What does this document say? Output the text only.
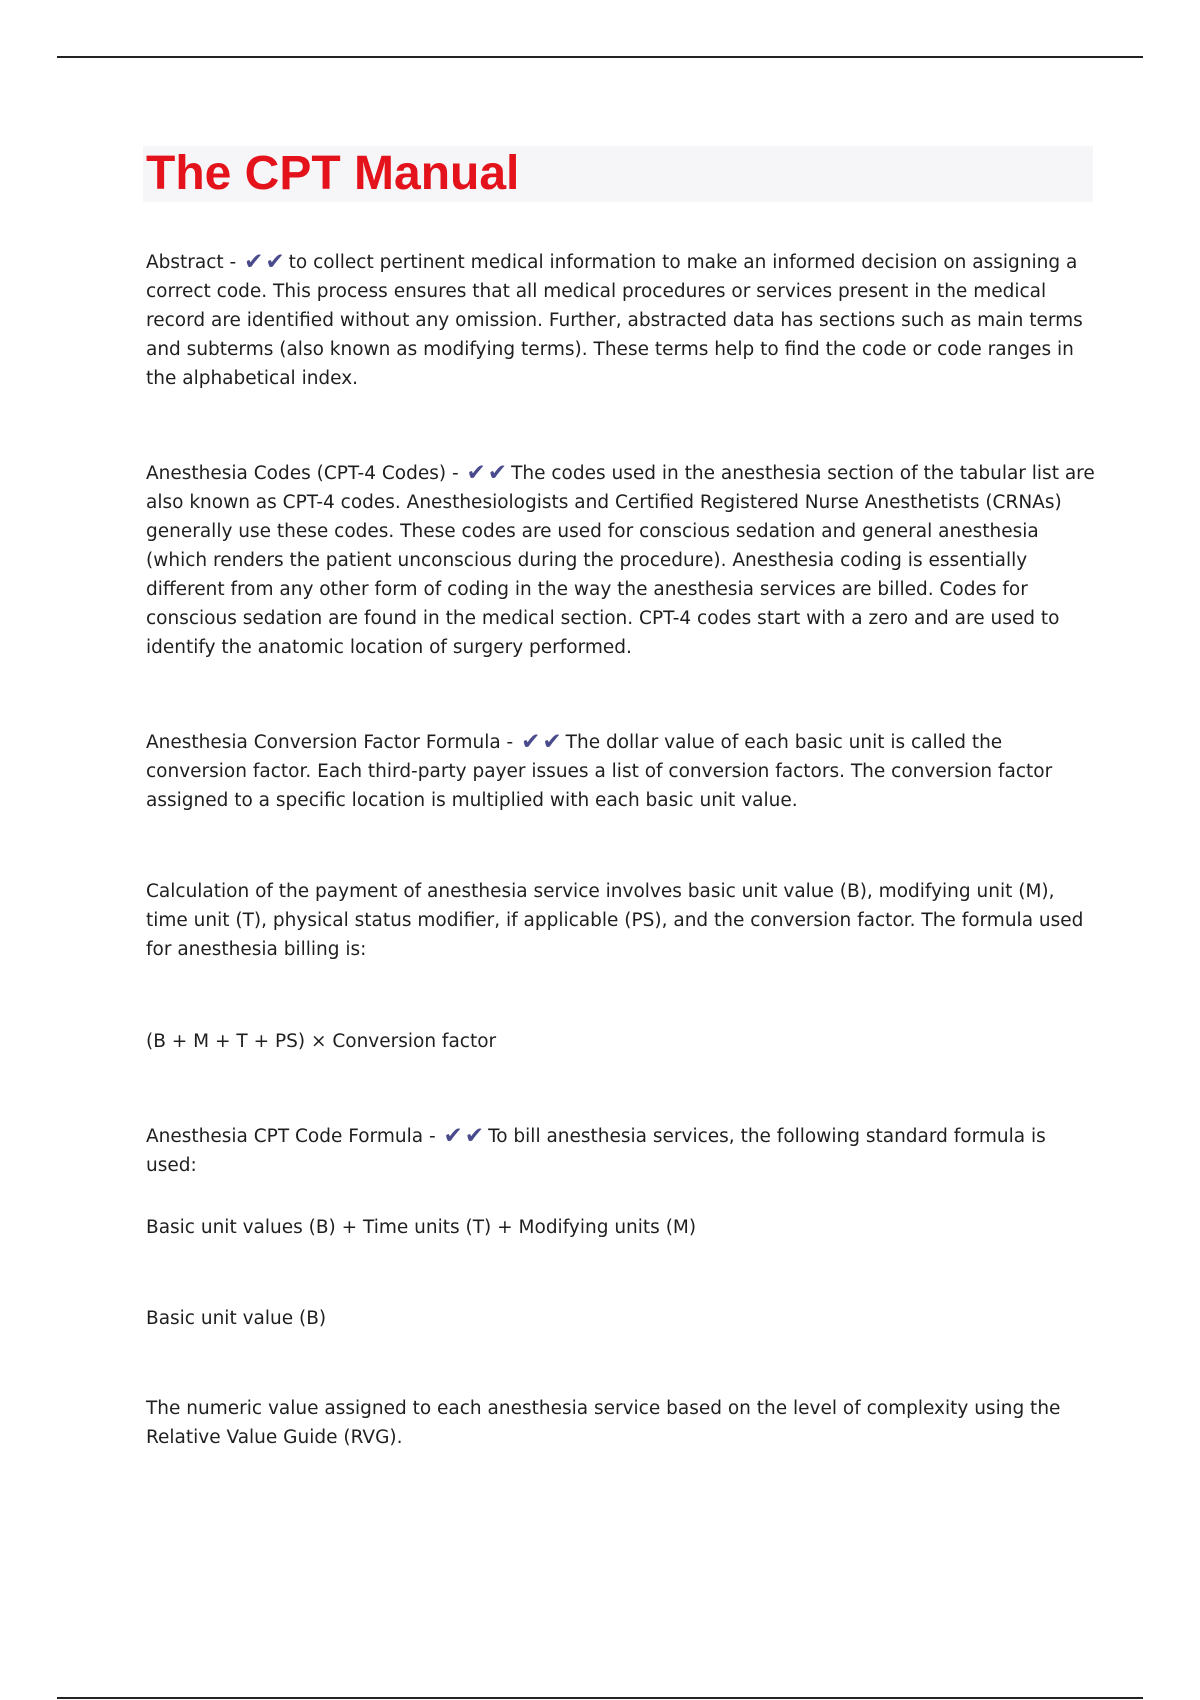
The CPT Manual

Abstract - ✔✔ to collect pertinent medical information to make an informed decision on assigning a correct code. This process ensures that all medical procedures or services present in the medical record are identified without any omission. Further, abstracted data has sections such as main terms and subterms (also known as modifying terms). These terms help to find the code or code ranges in the alphabetical index.

Anesthesia Codes (CPT-4 Codes) - ✔✔ The codes used in the anesthesia section of the tabular list are also known as CPT-4 codes. Anesthesiologists and Certified Registered Nurse Anesthetists (CRNAs) generally use these codes. These codes are used for conscious sedation and general anesthesia (which renders the patient unconscious during the procedure). Anesthesia coding is essentially different from any other form of coding in the way the anesthesia services are billed. Codes for conscious sedation are found in the medical section. CPT-4 codes start with a zero and are used to identify the anatomic location of surgery performed.

Anesthesia Conversion Factor Formula - ✔✔ The dollar value of each basic unit is called the conversion factor. Each third-party payer issues a list of conversion factors. The conversion factor assigned to a specific location is multiplied with each basic unit value.

Calculation of the payment of anesthesia service involves basic unit value (B), modifying unit (M), time unit (T), physical status modifier, if applicable (PS), and the conversion factor. The formula used for anesthesia billing is:

(B + M + T + PS) × Conversion factor

Anesthesia CPT Code Formula - ✔✔ To bill anesthesia services, the following standard formula is used:

Basic unit values (B) + Time units (T) + Modifying units (M)

Basic unit value (B)

The numeric value assigned to each anesthesia service based on the level of complexity using the Relative Value Guide (RVG).
